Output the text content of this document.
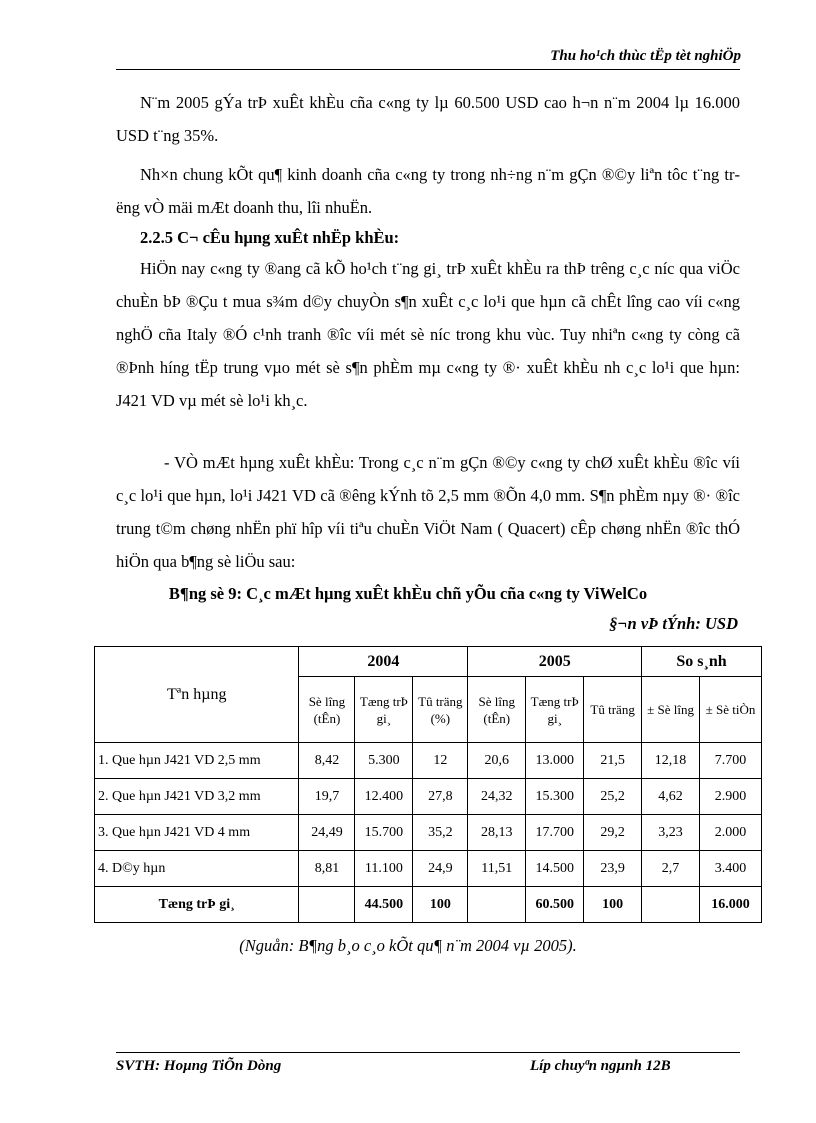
Thu ho¹ch thùc tËp tèt nghiÖp
N¨m 2005 gÝa trÞ xuÊt khÈu cña c«ng ty lµ 60.500 USD cao h¬n n¨m 2004 lµ 16.000 USD t¨ng 35%.
Nh×n chung kÕt qu¶ kinh doanh cña c«ng ty trong nh÷ng n¨m gÇn ®©y liªn tôc t¨ng trëng vÒ mäi mÆt doanh thu, lîi nhuËn.
2.2.5 C¬ cÊu hµng xuÊt nhËp khÈu:
HiÖn nay c«ng ty ®ang cã kÕ ho¹ch t¨ng gi¸ trÞ xuÊt khÈu ra thÞ trêng c¸c níc qua viÖc chuÈn bÞ ®Çu t mua s¾m d©y chuyÒn s¶n xuÊt c¸c lo¹i que hµn cã chÊt lîng cao víi c«ng nghÖ cña Italy ®Ó c¹nh tranh ®îc víi mét sè níc trong khu vùc. Tuy nhiªn c«ng ty còng cã ®Þnh híng tËp trung vµo mét sè s¶n phÈm mµ c«ng ty ®· xuÊt khÈu nh c¸c lo¹i que hµn: J421 VD vµ mét sè lo¹i kh¸c.
- VÒ mÆt hµng xuÊt khÈu: Trong c¸c n¨m gÇn ®©y c«ng ty chØ xuÊt khÈu ®îc víi c¸c lo¹i que hµn, lo¹i J421 VD cã ®êng kÝnh tõ 2,5 mm ®Õn 4,0 mm. S¶n phÈm nµy ®· ®îc trung t©m chøng nhËn phï hîp víi tiªu chuÈn ViÖt Nam ( Quacert) cÊp chøng nhËn ®îc thÓ hiÖn qua b¶ng sè liÖu sau:
B¶ng sè 9: C¸c mÆt hµng xuÊt khÈu chñ yÕu cña c«ng ty ViWelCo
§¬n vÞ tÝnh: USD
Tªn hµng	2004			2005			So s¸nh	
	Sè lîng (tÊn)	Tæng trÞ gi¸	Tû träng (%)	Sè lîng (tÊn)	Tæng trÞ gi¸	Tû träng	± Sè lîng	± Sè tiÒn
1. Que hµn J421 VD 2,5 mm	8,42	5.300	12	20,6	13.000	21,5	12,18	7.700
2. Que hµn J421 VD 3,2 mm	19,7	12.400	27,8	24,32	15.300	25,2	4,62	2.900
3. Que hµn J421 VD 4 mm	24,49	15.700	35,2	28,13	17.700	29,2	3,23	2.000
4. D©y hµn	8,81	11.100	24,9	11,51	14.500	23,9	2,7	3.400
Tæng trÞ gi¸		44.500	100		60.500	100		16.000
(Nguån: B¶ng b¸o c¸o kÕt qu¶ n¨m 2004 vµ 2005).
SVTH: Hoµng TiÕn Dòng	Líp chuyªn ngµnh 12B
